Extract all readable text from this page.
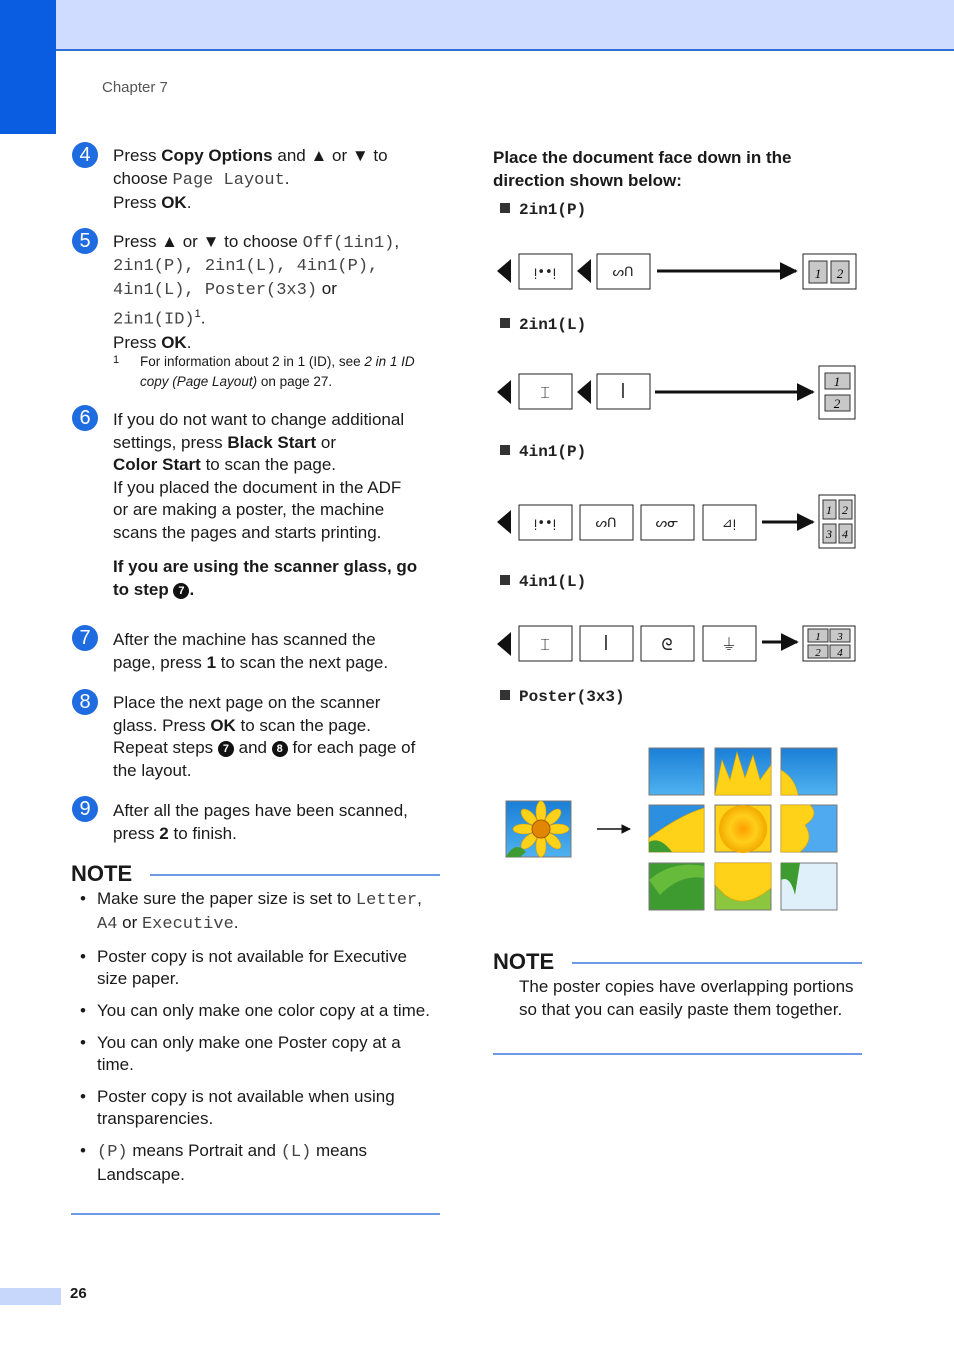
Chapter 7
4	Press Copy Options and ▲ or ▼ to
choose Page Layout.
Press OK.
5	Press ▲ or ▼ to choose Off(1in1),
2in1(P), 2in1(L), 4in1(P),
4in1(L), Poster(3x3) or
2in1(ID)$^1$.
Press OK.
1 For information about 2 in 1 (ID), see 2 in 1 ID copy (Page Layout) on page 27.
6	If you do not want to change additional
settings, press Black Start or
Color Start to scan the page.
If you placed the document in the ADF
or are making a poster, the machine
scans the pages and starts printing.
If you are using the scanner glass, go
to step 7 .
7	After the machine has scanned the
page, press 1 to scan the next page.
8	Place the next page on the scanner
glass. Press OK to scan the page.
Repeat steps 7 and 8 for each page of
the layout.
9	After all the pages have been scanned,
press 2 to finish.
NOTE
• Make sure the paper size is set to Letter, A4 or Executive.
• Poster copy is not available for Executive size paper.
• You can only make one color copy at a time.
• You can only make one Poster copy at a time.
• Poster copy is not available when using transparencies.
• (P) means Portrait and (L) means Landscape.
Place the document face down in the direction shown below:
2in1(P)
2in1(L)
4in1(P)
4in1(L)
Poster(3x3)
ᴉ••ᴉ	ᔕᑎ	1 2
⌶	ꟾ
1
2
ᴉ••ᴉ	ᔕᑎ	ᔕᓂ	⊿ᴉ
1 2
3 4
⌶	ꟾ	ᘓ	⏚	1 3
2 4
NOTE
The poster copies have overlapping portions so that you can easily paste them together.
26
